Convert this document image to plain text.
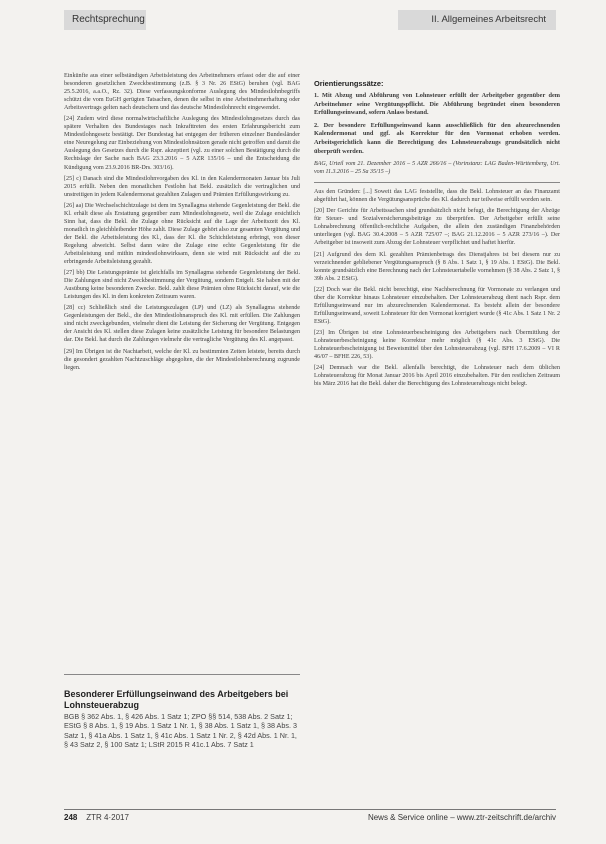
Rechtsprechung	II. Allgemeines Arbeitsrecht

Einkünfte aus einer selbständigen Arbeitsleistung des Arbeitnehmers erfasst oder die auf einer besonderen gesetzlichen Zweckbestimmung (z.B. § 3 Nr. 26 EStG) beruhen (vgl. BAG 25.5.2016, a.a.O., Rz. 32). Diese verfassungskonforme Auslegung des Mindestlohnbegriffs schützt die vom EuGH gerügten Tatsachen, denen die selbst in eine Arbeitnehmerhaftung oder Arbeitsvertrags gelten nach deutschem und das deutsche Mindestlohnrecht eingewendet.

[24] Zudem wird diese normalwirtschaftliche Auslegung des Mindestlohngesetzes durch das spätere Verhalten des Bundestages nach Inkrafttreten des ersten Erfahrungsbericht zum Mindestlohngesetz bestätigt. Der Bundestag hat entgegen der früheren einzelner Bundesländer eine Neuregelung zur Einbeziehung von Mindestlohnsätzen gerade nicht getroffen und damit die Auslegung des Gesetzes durch die Rspr. akzeptiert (vgl. zu einer solchen Bestätigung durch die Rechtslage der Sache nach BAG 23.3.2016 – 5 AZR 135/16 – und die Entscheidung die Kündigung vom 23.9.2016 BR-Drs. 303/16).

[25] c) Danach sind die Mindestlohnvorgaben des Kl. in den Kalendermonaten Januar bis Juli 2015 erfüllt. Neben den monatlichen Festlohn hat Bekl. zusätzlich die vertraglichen und unstreitigen in jedem Kalendermonat gezahlten Zulagen und Prämien Erfüllungswirkung zu.

[26] aa) Die Wechselschichtzulage ist dem im Synallagma stehende Gegenleistung der Bekl. die Kl. erhält diese als Erstattung gegenüber zum Mindestlohngesetz, weil die Zulage ersichtlich Sinn hat, dass die Bekl. die Zulage ohne Rücksicht auf die Lage der Arbeitszeit des Kl. monatlich in gleichbleibender Höhe zahlt. Diese Zulage gehört also zur gesamten Vergütung und der Bekl. die Arbeitsleistung des Kl., dass der Kl. die Schichtleistung erbringt, von dieser Regelung abweicht. Selbst dann wäre die Zulage eine echte Gegenleistung für die Arbeitsleistung und mithin mindestlohnwirksam, denn sie wird mit Rücksicht auf die zu erbringende Arbeitsleistung gezahlt.

[27] bb) Die Leistungsprämie ist gleichfalls im Synallagma stehende Gegenleistung der Bekl. Die Zahlungen sind nicht Zweckbestimmung der Vergütung, sondern Entgelt. Sie haben mit der Ausübung keine besonderen Zwecke. Bekl. zahlt diese Prämien ohne Rücksicht darauf, wie die Leistungen des Kl. in dem konkreten Zeitraum waren.

[28] cc) Schließlich sind die Leistungszulagen (LP) und (LZ) als Synallagma stehende Gegenleistungen der Bekl., die den Mindestlohnanspruch des Kl. mit erfüllen. Die Zahlungen sind nicht zweckgebunden, vielmehr dient die Leistung der Sicherung der Vergütung. Entgegen der Ansicht des Kl. stellen diese Zulagen keine zusätzliche Leistung für besondere Belastungen dar. Die Bekl. hat durch die Zahlungen vielmehr die vertragliche Vergütung des Kl. angepasst.

[29] Im Übrigen ist die Nachtarbeit, welche der Kl. zu bestimmten Zeiten leistete, bereits durch die gesondert gezahlten Nachtzuschläge abgegolten, die der Mindestlohnberechnung zugrunde liegen.

Besonderer Erfüllungseinwand des Arbeitgebers bei Lohnsteuerabzug
BGB § 362 Abs. 1, § 426 Abs. 1 Satz 1; ZPO §§ 514, 538 Abs. 2 Satz 1; EStG § 8 Abs. 1, § 19 Abs. 1 Satz 1 Nr. 1, § 38 Abs. 1 Satz 1, § 38 Abs. 3 Satz 1, § 41a Abs. 1 Satz 1, § 41c Abs. 1 Satz 1 Nr. 2, § 42d Abs. 1 Nr. 1, § 43 Satz 2, § 100 Satz 1; LStR 2015 R 41c.1 Abs. 7 Satz 1
Orientierungssätze:

1. Mit Abzug und Abführung von Lohnsteuer erfüllt der Arbeitgeber gegenüber dem Arbeitnehmer seine Vergütungspflicht. Die Abführung begründet einen besonderen Erfüllungseinwand, sofern Anlass bestand.

2. Der besondere Erfüllungseinwand kann ausschließlich für den abzurechnenden Kalendermonat und ggf. als Korrektur für den Vormonat erhoben werden. Arbeitsgerichtlich kann die Berechtigung des Lohnsteuerabzugs grundsätzlich nicht überprüft werden.

BAG, Urteil vom 21. Dezember 2016 – 5 AZR 266/16 – (Vorinstanz: LAG Baden-Württemberg, Urt. vom 11.3.2016 – 25 Sa 35/15 –)

Aus den Gründen: [...] Soweit das LAG feststellte, dass die Bekl. Lohnsteuer an das Finanzamt abgeführt hat, können die Vergütungsansprüche des Kl. dadurch nur teilweise erfüllt worden sein.

[20] Der Gerichte für Arbeitssachen sind grundsätzlich nicht befugt, die Berechtigung der Abzüge für Steuer- und Sozialversicherungsbeiträge zu überprüfen. Der Arbeitgeber erfüllt seine Lohnabrechnung öffentlich-rechtliche Aufgaben, die allein den zuständigen Finanzbehörden unterliegen (vgl. BAG 30.4.2008 – 5 AZR 725/07 –; BAG 21.12.2016 – 5 AZR 273/16 –). Der Arbeitgeber ist insoweit zum Abzug der Lohnsteuer verpflichtet und haftet hierfür.

[21] Aufgrund des dem Kl. gezahlten Prämienbetrags des Dienstjahres ist bei diesem nur zu verzeichnender gebliebener Vergütungsanspruch (§ 8 Abs. 1 Satz 1, § 19 Abs. 1 EStG). Die Bekl. konnte grundsätzlich eine Berechnung nach der Lohnsteuertabelle vornehmen (§ 38 Abs. 2 Satz 1, § 39b Abs. 2 EStG).

[22] Doch war die Bekl. nicht berechtigt, eine Nachberechnung für Vormonate zu verlangen und über die Korrektur hinaus Lohnsteuer einzubehalten. Der Lohnsteuerabzug dient nach Rspr. dem Erfüllungseinwand nur im abzurechnenden Kalendermonat. Es besteht allein der besondere Erfüllungseinwand, soweit Lohnsteuer für den Vormonat korrigiert wurde (§ 41c Abs. 1 Satz 1 Nr. 2 EStG).

[23] Im Übrigen ist eine Lohnsteuerbescheinigung des Arbeitgebers nach Übermittlung der Lohnsteuerbescheinigung keine Korrektur mehr möglich (§ 41c Abs. 3 EStG). Die Lohnsteuerbescheinigung ist Beweismittel über den Lohnsteuerabzug (vgl. BFH 17.6.2009 – VI R 46/07 – BFHE 226, 53).

[24] Demnach war die Bekl. allenfalls berechtigt, die Lohnsteuer nach dem üblichen Lohnsteuerabzug für Monat Januar 2016 bis April 2016 einzubehalten. Für den restlichen Zeitraum bis März 2016 hat die Bekl. daher die Berechtigung des Lohnsteuerabzugs nicht belegt.

248 ZTR 4·2017	News & Service online – www.ztr-zeitschrift.de/archiv
